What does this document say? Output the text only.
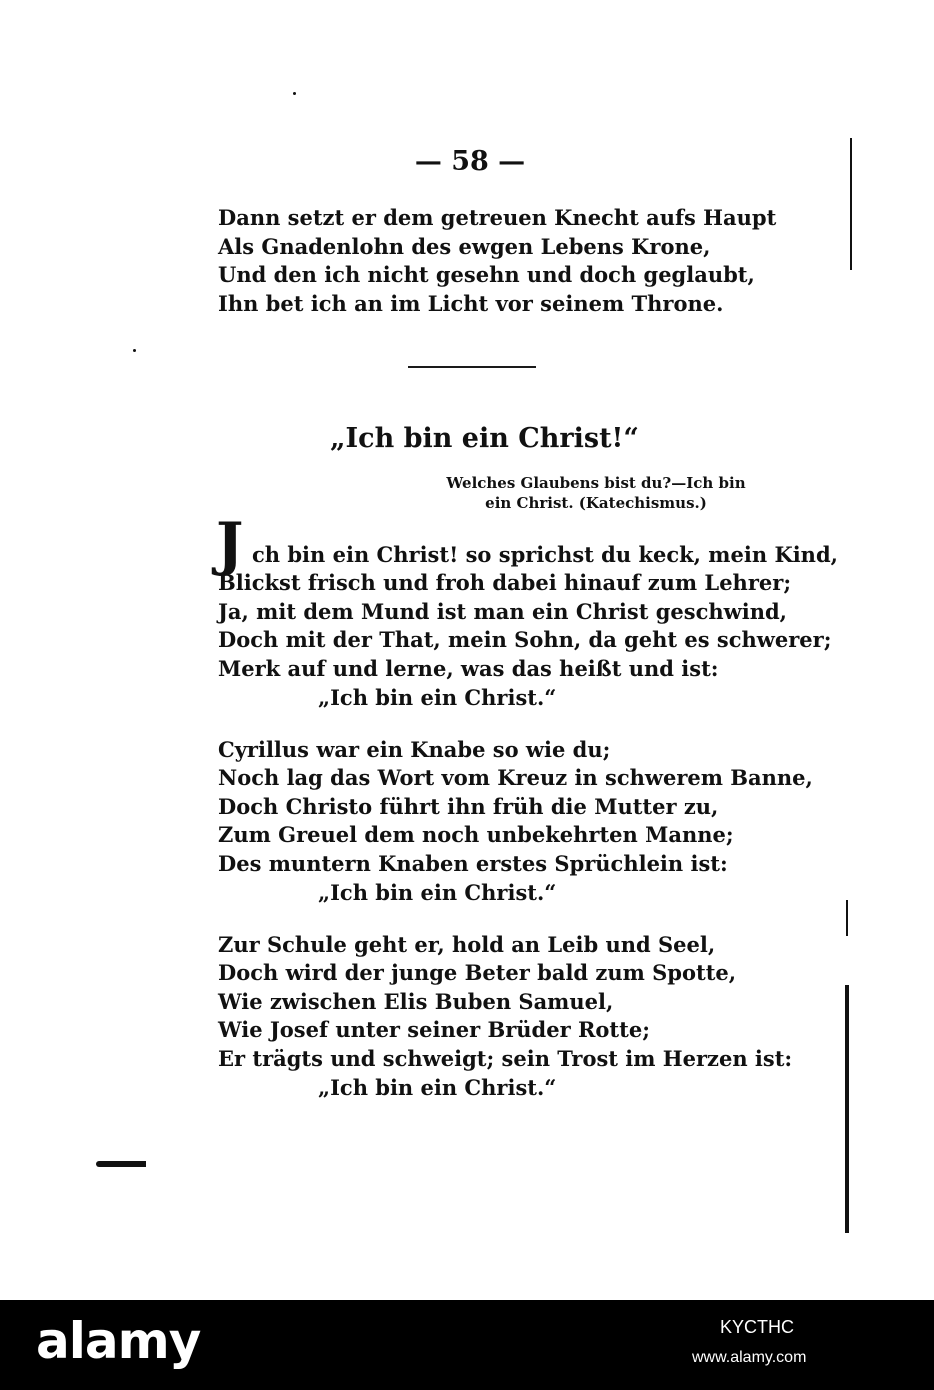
— 58 —
Dann setzt er dem getreuen Knecht aufs Haupt
Als Gnadenlohn des ewgen Lebens Krone,
Und den ich nicht gesehn und doch geglaubt,
Ihn bet ich an im Licht vor seinem Throne.
„Ich bin ein Christ!“
Welches Glaubens bist du?—Ich bin
ein Christ. (Katechismus.)
J ch bin ein Christ! so sprichst du keck, mein Kind,
Blickst frisch und froh dabei hinauf zum Lehrer;
Ja, mit dem Mund ist man ein Christ geschwind,
Doch mit der That, mein Sohn, da geht es schwerer;
Merk auf und lerne, was das heißt und ist:
„Ich bin ein Christ.“
Cyrillus war ein Knabe so wie du;
Noch lag das Wort vom Kreuz in schwerem Banne,
Doch Christo führt ihn früh die Mutter zu,
Zum Greuel dem noch unbekehrten Manne;
Des muntern Knaben erstes Sprüchlein ist:
„Ich bin ein Christ.“
Zur Schule geht er, hold an Leib und Seel,
Doch wird der junge Beter bald zum Spotte,
Wie zwischen Elis Buben Samuel,
Wie Josef unter seiner Brüder Rotte;
Er trägts und schweigt; sein Trost im Herzen ist:
„Ich bin ein Christ.“
alamy	KYCTHC
www.alamy.com
